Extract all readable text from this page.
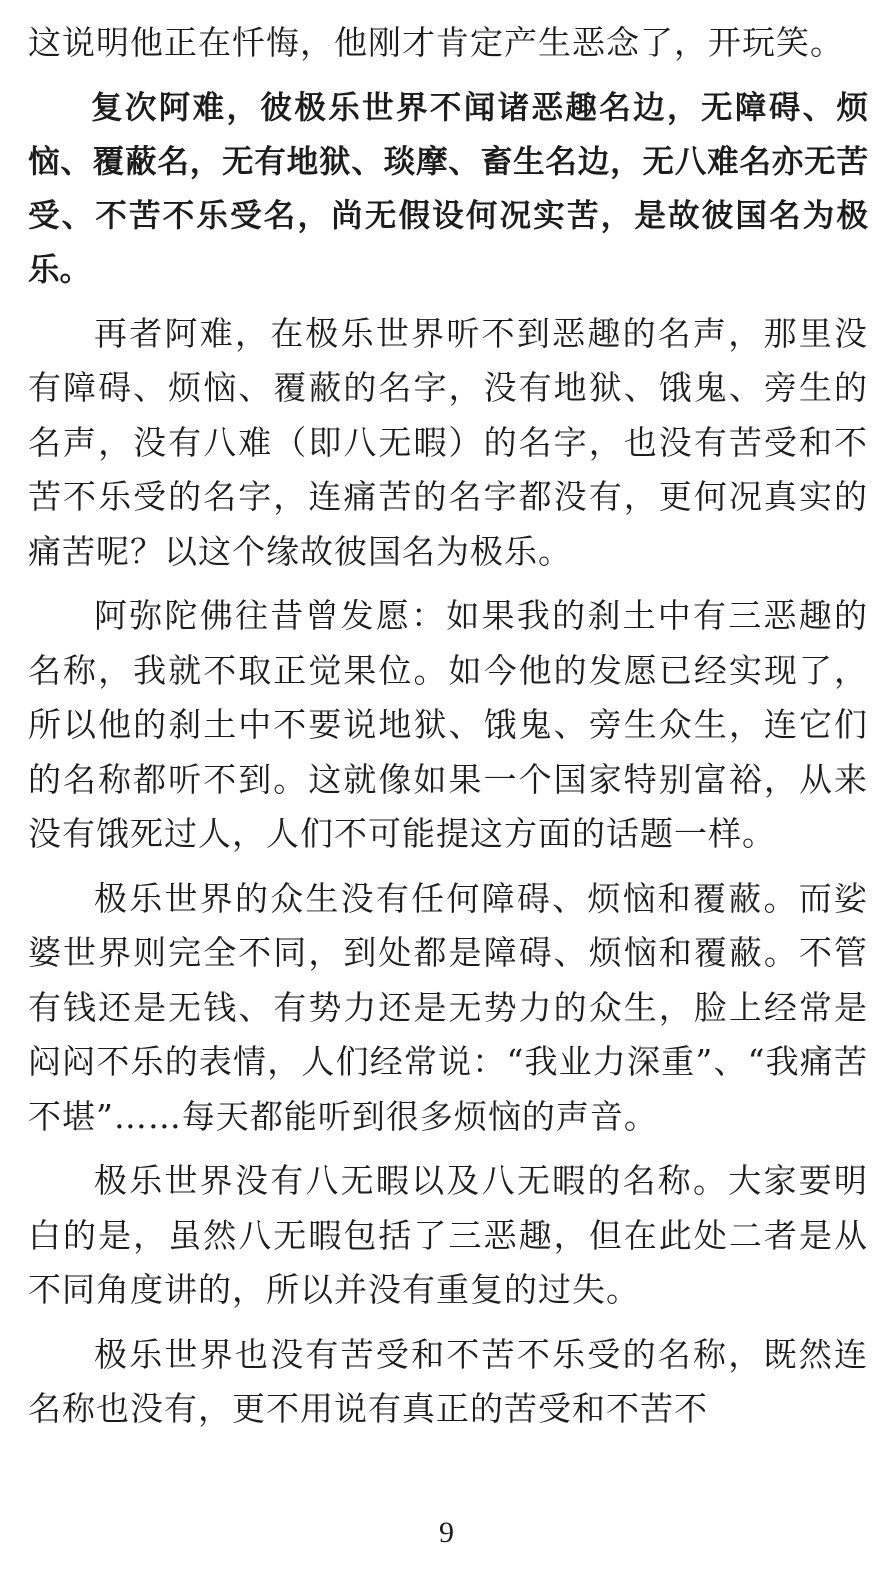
这说明他正在忏悔，他刚才肯定产生恶念了，开玩笑。

复次阿难，彼极乐世界不闻诸恶趣名边，无障碍、烦恼、覆蔽名，无有地狱、琰摩、畜生名边，无八难名亦无苦受、不苦不乐受名，尚无假设何况实苦，是故彼国名为极乐。

再者阿难，在极乐世界听不到恶趣的名声，那里没有障碍、烦恼、覆蔽的名字，没有地狱、饿鬼、旁生的名声，没有八难（即八无暇）的名字，也没有苦受和不苦不乐受的名字，连痛苦的名字都没有，更何况真实的痛苦呢？以这个缘故彼国名为极乐。

阿弥陀佛往昔曾发愿：如果我的刹土中有三恶趣的名称，我就不取正觉果位。如今他的发愿已经实现了，所以他的刹土中不要说地狱、饿鬼、旁生众生，连它们的名称都听不到。这就像如果一个国家特别富裕，从来没有饿死过人，人们不可能提这方面的话题一样。

极乐世界的众生没有任何障碍、烦恼和覆蔽。而娑婆世界则完全不同，到处都是障碍、烦恼和覆蔽。不管有钱还是无钱、有势力还是无势力的众生，脸上经常是闷闷不乐的表情，人们经常说：“我业力深重”、“我痛苦不堪”……每天都能听到很多烦恼的声音。

极乐世界没有八无暇以及八无暇的名称。大家要明白的是，虽然八无暇包括了三恶趣，但在此处二者是从不同角度讲的，所以并没有重复的过失。

极乐世界也没有苦受和不苦不乐受的名称，既然连名称也没有，更不用说有真正的苦受和不苦不

9
